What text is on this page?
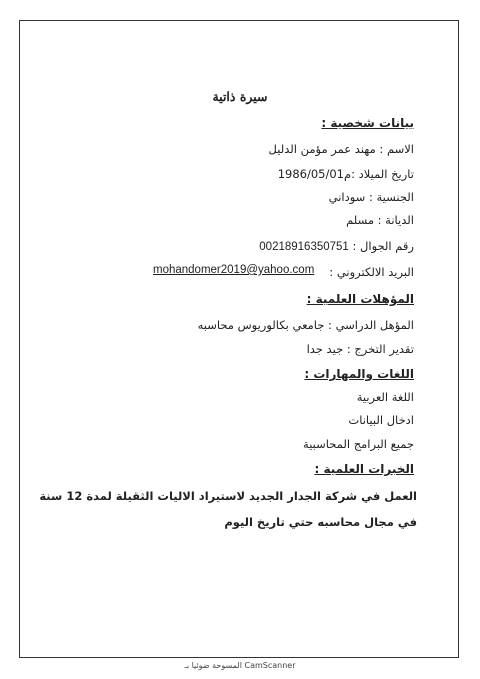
سيرة ذاتية
بيانات شخصية :
الاسم : مهند عمر مؤمن الدليل
تاريخ الميلاد :1986/05/01م
الجنسية : سوداني
الديانة : مسلم
رقم الجوال : 00218916350751
البريد الالكتروني :
mohandomer2019@yahoo.com
المؤهلات العلمية :
المؤهل الدراسي : جامعي بكالوريوس محاسبه
تقدير التخرج : جيد جدا
اللغات والمهارات :
اللغة العربية
ادخال البيانات
جميع البرامج المحاسبية
الخبرات العلمية :
العمل في شركة الجدار الجديد لاستيراد الاليات الثقيلة لمدة 12 سنة
في مجال محاسبه حتي تاريخ اليوم
المسوحة ضوئيا بـ CamScanner
